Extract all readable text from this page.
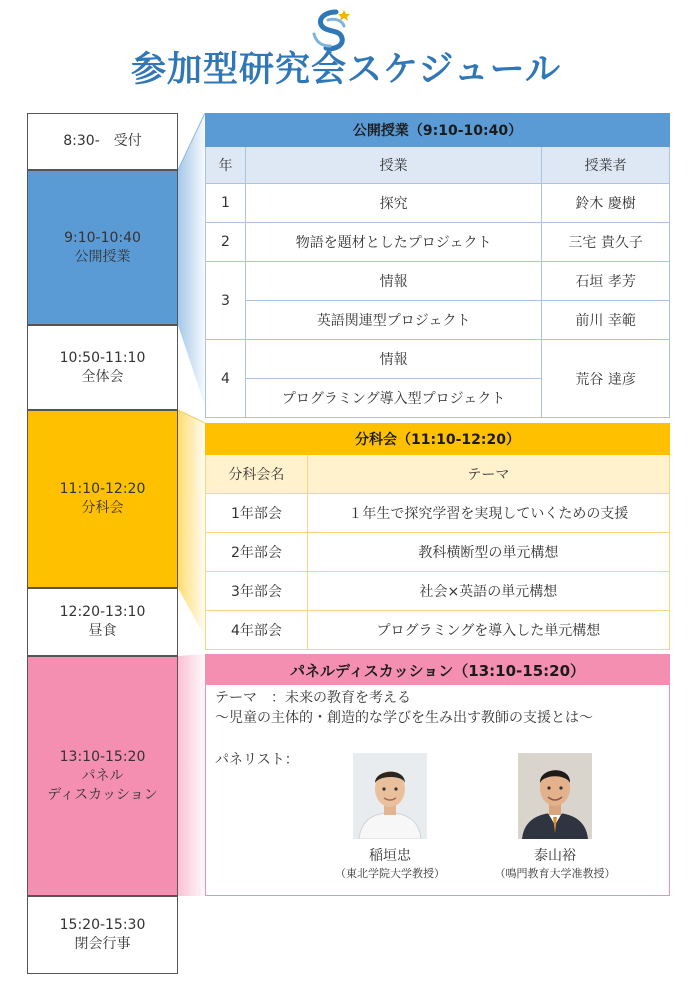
参加型研究会スケジュール
8:30-　受付
9:10-10:40
公開授業
10:50-11:10
全体会
11:10-12:20
分科会
12:20-13:10
昼食
13:10-15:20
パネル
ディスカッション
15:20-15:30
閉会行事
公開授業（9:10-10:40）		
年	授業	授業者
1	探究	鈴木 慶樹
2	物語を題材としたプロジェクト	三宅 貴久子
3	情報	石垣 孝芳
	英語関連型プロジェクト	前川 幸範
4	情報	荒谷 達彦
	プログラミング導入型プロジェクト	
分科会（11:10-12:20）	
分科会名	テーマ
1年部会	１年生で探究学習を実現していくための支援
2年部会	教科横断型の単元構想
3年部会	社会×英語の単元構想
4年部会	プログラミングを導入した単元構想
パネルディスカッション（13:10-15:20）
テーマ　：未来の教育を考える
～児童の主体的・創造的な学びを生み出す教師の支援とは～
パネリスト：
稲垣忠
（東北学院大学教授）
泰山裕
（鳴門教育大学准教授）
